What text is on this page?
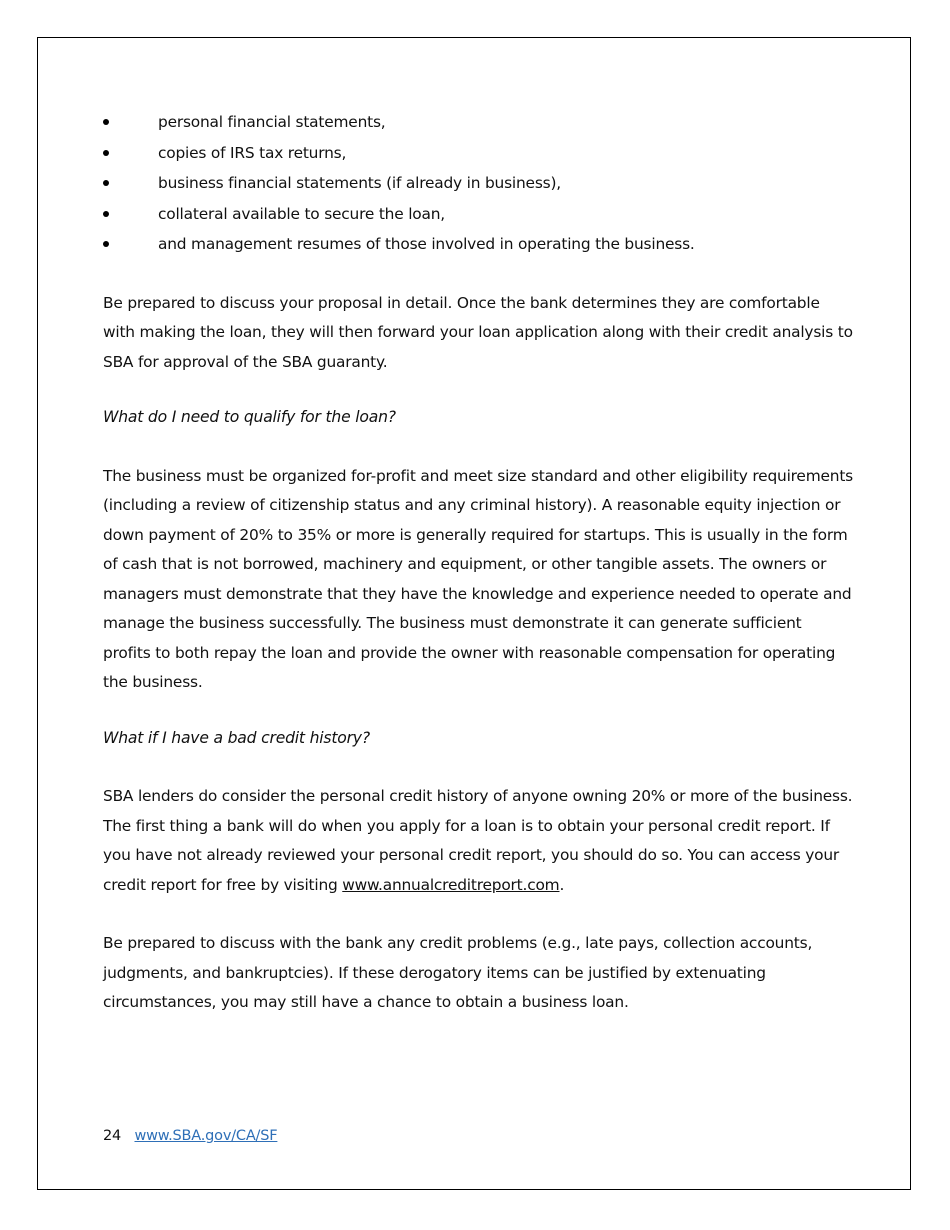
personal financial statements,
copies of IRS tax returns,
business financial statements (if already in business),
collateral available to secure the loan,
and management resumes of those involved in operating the business.

Be prepared to discuss your proposal in detail. Once the bank determines they are comfortable with making the loan, they will then forward your loan application along with their credit analysis to SBA for approval of the SBA guaranty.

What do I need to qualify for the loan?

The business must be organized for-profit and meet size standard and other eligibility requirements (including a review of citizenship status and any criminal history). A reasonable equity injection or down payment of 20% to 35% or more is generally required for startups. This is usually in the form of cash that is not borrowed, machinery and equipment, or other tangible assets. The owners or managers must demonstrate that they have the knowledge and experience needed to operate and manage the business successfully. The business must demonstrate it can generate sufficient profits to both repay the loan and provide the owner with reasonable compensation for operating the business.

What if I have a bad credit history?

SBA lenders do consider the personal credit history of anyone owning 20% or more of the business. The first thing a bank will do when you apply for a loan is to obtain your personal credit report. If you have not already reviewed your personal credit report, you should do so. You can access your credit report for free by visiting www.annualcreditreport.com.

Be prepared to discuss with the bank any credit problems (e.g., late pays, collection accounts, judgments, and bankruptcies). If these derogatory items can be justified by extenuating circumstances, you may still have a chance to obtain a business loan.

24 www.SBA.gov/CA/SF
